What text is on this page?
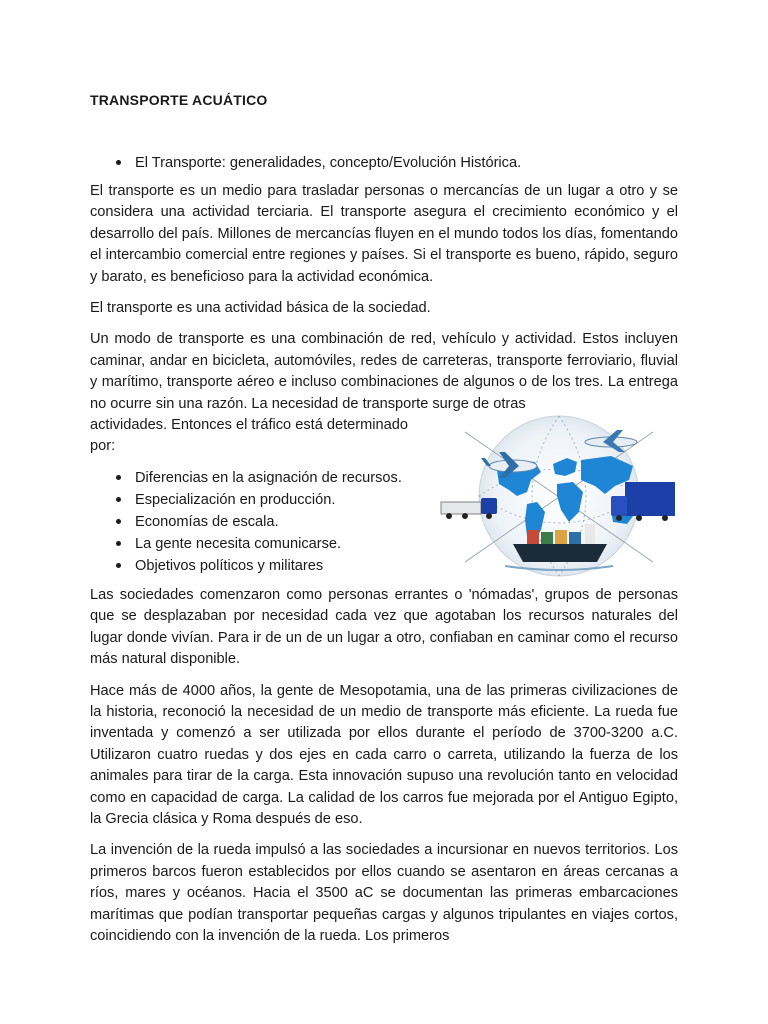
TRANSPORTE ACUÁTICO
El Transporte: generalidades, concepto/Evolución Histórica.

El transporte es un medio para trasladar personas o mercancías de un lugar a otro y se considera una actividad terciaria. El transporte asegura el crecimiento económico y el desarrollo del país. Millones de mercancías fluyen en el mundo todos los días, fomentando el intercambio comercial entre regiones y países. Si el transporte es bueno, rápido, seguro y barato, es beneficioso para la actividad económica.

El transporte es una actividad básica de la sociedad.

Un modo de transporte es una combinación de red, vehículo y actividad. Estos incluyen caminar, andar en bicicleta, automóviles, redes de carreteras, transporte ferroviario, fluvial y marítimo, transporte aéreo e incluso combinaciones de algunos o de los tres. La entrega no ocurre sin una razón. La necesidad de transporte surge de otras

actividades. Entonces el tráfico está determinado

por:

Diferencias en la asignación de recursos.
Especialización en producción.
Economías de escala.
La gente necesita comunicarse.
Objetivos políticos y militares

Las sociedades comenzaron como personas errantes o 'nómadas', grupos de personas que se desplazaban por necesidad cada vez que agotaban los recursos naturales del lugar donde vivían. Para ir de un de un lugar a otro, confiaban en caminar como el recurso más natural disponible.

Hace más de 4000 años, la gente de Mesopotamia, una de las primeras civilizaciones de la historia, reconoció la necesidad de un medio de transporte más eficiente. La rueda fue inventada y comenzó a ser utilizada por ellos durante el período de 3700-3200 a.C. Utilizaron cuatro ruedas y dos ejes en cada carro o carreta, utilizando la fuerza de los animales para tirar de la carga. Esta innovación supuso una revolución tanto en velocidad como en capacidad de carga. La calidad de los carros fue mejorada por el Antiguo Egipto, la Grecia clásica y Roma después de eso.

La invención de la rueda impulsó a las sociedades a incursionar en nuevos territorios. Los primeros barcos fueron establecidos por ellos cuando se asentaron en áreas cercanas a ríos, mares y océanos. Hacia el 3500 aC se documentan las primeras embarcaciones marítimas que podían transportar pequeñas cargas y algunos tripulantes en viajes cortos, coincidiendo con la invención de la rueda. Los primeros
